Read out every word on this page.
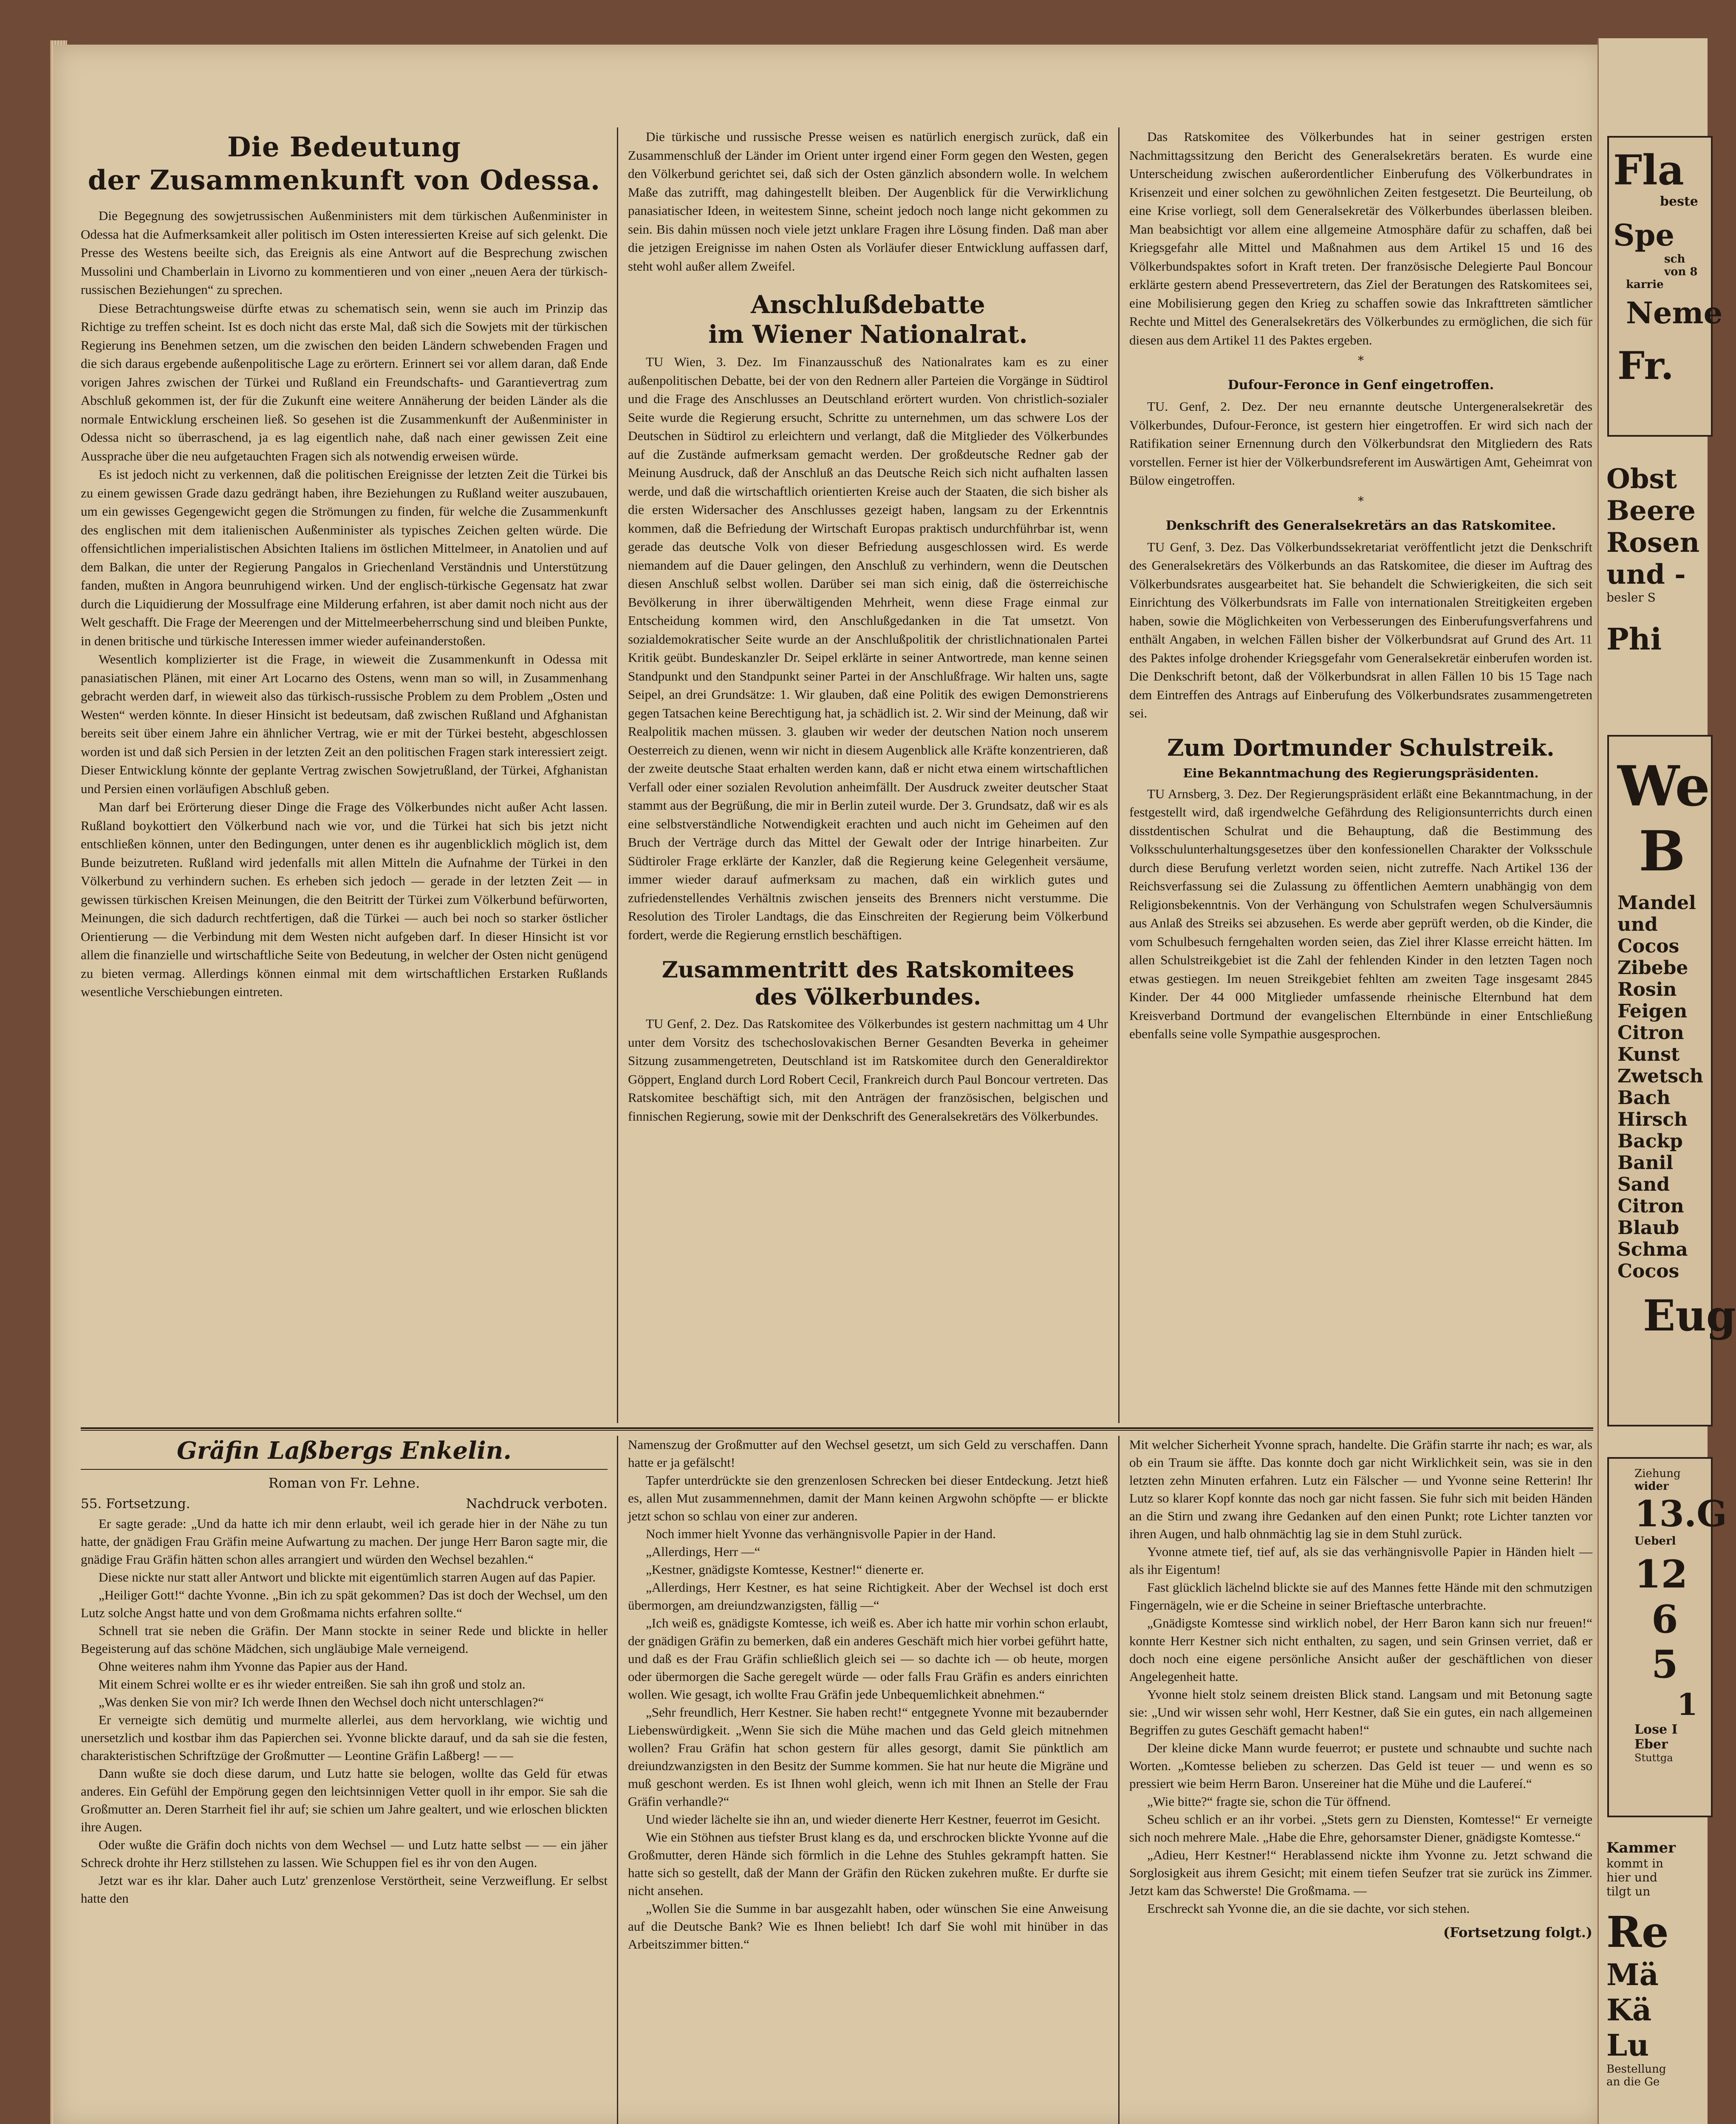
Die Bedeutung
der Zusammenkunft von Odessa.

Die Begegnung des sowjetrussischen Außenministers mit dem türkischen Außenminister in Odessa hat die Aufmerksamkeit aller politisch im Osten interessierten Kreise auf sich gelenkt. Die Presse des Westens beeilte sich, das Ereignis als eine Antwort auf die Besprechung zwischen Mussolini und Chamberlain in Livorno zu kommentieren und von einer „neuen Aera der türkisch-russischen Beziehungen“ zu sprechen.

Diese Betrachtungsweise dürfte etwas zu schematisch sein, wenn sie auch im Prinzip das Richtige zu treffen scheint. Ist es doch nicht das erste Mal, daß sich die Sowjets mit der türkischen Regierung ins Benehmen setzen, um die zwischen den beiden Ländern schwebenden Fragen und die sich daraus ergebende außenpolitische Lage zu erörtern. Erinnert sei vor allem daran, daß Ende vorigen Jahres zwischen der Türkei und Rußland ein Freundschafts- und Garantievertrag zum Abschluß gekommen ist, der für die Zukunft eine weitere Annäherung der beiden Länder als die normale Entwicklung erscheinen ließ. So gesehen ist die Zusammenkunft der Außenminister in Odessa nicht so überraschend, ja es lag eigentlich nahe, daß nach einer gewissen Zeit eine Aussprache über die neu aufgetauchten Fragen sich als notwendig erweisen würde.

Es ist jedoch nicht zu verkennen, daß die politischen Ereignisse der letzten Zeit die Türkei bis zu einem gewissen Grade dazu gedrängt haben, ihre Beziehungen zu Rußland weiter auszubauen, um ein gewisses Gegengewicht gegen die Strömungen zu finden, für welche die Zusammenkunft des englischen mit dem italienischen Außenminister als typisches Zeichen gelten würde. Die offensichtlichen imperialistischen Absichten Italiens im östlichen Mittelmeer, in Anatolien und auf dem Balkan, die unter der Regierung Pangalos in Griechenland Verständnis und Unterstützung fanden, mußten in Angora beunruhigend wirken. Und der englisch-türkische Gegensatz hat zwar durch die Liquidierung der Mossulfrage eine Milderung erfahren, ist aber damit noch nicht aus der Welt geschafft. Die Frage der Meerengen und der Mittelmeerbeherrschung sind und bleiben Punkte, in denen britische und türkische Interessen immer wieder aufeinanderstoßen.

Wesentlich komplizierter ist die Frage, in wieweit die Zusammenkunft in Odessa mit panasiatischen Plänen, mit einer Art Locarno des Ostens, wenn man so will, in Zusammenhang gebracht werden darf, in wieweit also das türkisch-russische Problem zu dem Problem „Osten und Westen“ werden könnte. In dieser Hinsicht ist bedeutsam, daß zwischen Rußland und Afghanistan bereits seit über einem Jahre ein ähnlicher Vertrag, wie er mit der Türkei besteht, abgeschlossen worden ist und daß sich Persien in der letzten Zeit an den politischen Fragen stark interessiert zeigt. Dieser Entwicklung könnte der geplante Vertrag zwischen Sowjetrußland, der Türkei, Afghanistan und Persien einen vorläufigen Abschluß geben.

Man darf bei Erörterung dieser Dinge die Frage des Völkerbundes nicht außer Acht lassen. Rußland boykottiert den Völkerbund nach wie vor, und die Türkei hat sich bis jetzt nicht entschließen können, unter den Bedingungen, unter denen es ihr augenblicklich möglich ist, dem Bunde beizutreten. Rußland wird jedenfalls mit allen Mitteln die Aufnahme der Türkei in den Völkerbund zu verhindern suchen. Es erheben sich jedoch — gerade in der letzten Zeit — in gewissen türkischen Kreisen Meinungen, die den Beitritt der Türkei zum Völkerbund befürworten, Meinungen, die sich dadurch rechtfertigen, daß die Türkei — auch bei noch so starker östlicher Orientierung — die Verbindung mit dem Westen nicht aufgeben darf. In dieser Hinsicht ist vor allem die finanzielle und wirtschaftliche Seite von Bedeutung, in welcher der Osten nicht genügend zu bieten vermag. Allerdings können einmal mit dem wirtschaftlichen Erstarken Rußlands wesentliche Verschiebungen eintreten.

Die türkische und russische Presse weisen es natürlich energisch zurück, daß ein Zusammenschluß der Länder im Orient unter irgend einer Form gegen den Westen, gegen den Völkerbund gerichtet sei, daß sich der Osten gänzlich absondern wolle. In welchem Maße das zutrifft, mag dahingestellt bleiben. Der Augenblick für die Verwirklichung panasiatischer Ideen, in weitestem Sinne, scheint jedoch noch lange nicht gekommen zu sein. Bis dahin müssen noch viele jetzt unklare Fragen ihre Lösung finden. Daß man aber die jetzigen Ereignisse im nahen Osten als Vorläufer dieser Entwicklung auffassen darf, steht wohl außer allem Zweifel.

Anschlußdebatte
im Wiener Nationalrat.

TU Wien, 3. Dez. Im Finanzausschuß des Nationalrates kam es zu einer außenpolitischen Debatte, bei der von den Rednern aller Parteien die Vorgänge in Südtirol und die Frage des Anschlusses an Deutschland erörtert wurden. Von christlich-sozialer Seite wurde die Regierung ersucht, Schritte zu unternehmen, um das schwere Los der Deutschen in Südtirol zu erleichtern und verlangt, daß die Mitglieder des Völkerbundes auf die Zustände aufmerksam gemacht werden. Der großdeutsche Redner gab der Meinung Ausdruck, daß der Anschluß an das Deutsche Reich sich nicht aufhalten lassen werde, und daß die wirtschaftlich orientierten Kreise auch der Staaten, die sich bisher als die ersten Widersacher des Anschlusses gezeigt haben, langsam zu der Erkenntnis kommen, daß die Befriedung der Wirtschaft Europas praktisch undurchführbar ist, wenn gerade das deutsche Volk von dieser Befriedung ausgeschlossen wird. Es werde niemandem auf die Dauer gelingen, den Anschluß zu verhindern, wenn die Deutschen diesen Anschluß selbst wollen. Darüber sei man sich einig, daß die österreichische Bevölkerung in ihrer überwältigenden Mehrheit, wenn diese Frage einmal zur Entscheidung kommen wird, den Anschlußgedanken in die Tat umsetzt. Von sozialdemokratischer Seite wurde an der Anschlußpolitik der christlichnationalen Partei Kritik geübt. Bundeskanzler Dr. Seipel erklärte in seiner Antwortrede, man kenne seinen Standpunkt und den Standpunkt seiner Partei in der Anschlußfrage. Wir halten uns, sagte Seipel, an drei Grundsätze: 1. Wir glauben, daß eine Politik des ewigen Demonstrierens gegen Tatsachen keine Berechtigung hat, ja schädlich ist. 2. Wir sind der Meinung, daß wir Realpolitik machen müssen. 3. glauben wir weder der deutschen Nation noch unserem Oesterreich zu dienen, wenn wir nicht in diesem Augenblick alle Kräfte konzentrieren, daß der zweite deutsche Staat erhalten werden kann, daß er nicht etwa einem wirtschaftlichen Verfall oder einer sozialen Revolution anheimfällt. Der Ausdruck zweiter deutscher Staat stammt aus der Begrüßung, die mir in Berlin zuteil wurde. Der 3. Grundsatz, daß wir es als eine selbstverständliche Notwendigkeit erachten und auch nicht im Geheimen auf den Bruch der Verträge durch das Mittel der Gewalt oder der Intrige hinarbeiten. Zur Südtiroler Frage erklärte der Kanzler, daß die Regierung keine Gelegenheit versäume, immer wieder darauf aufmerksam zu machen, daß ein wirklich gutes und zufriedenstellendes Verhältnis zwischen jenseits des Brenners nicht verstumme. Die Resolution des Tiroler Landtags, die das Einschreiten der Regierung beim Völkerbund fordert, werde die Regierung ernstlich beschäftigen.

Zusammentritt des Ratskomitees
des Völkerbundes.

TU Genf, 2. Dez. Das Ratskomitee des Völkerbundes ist gestern nachmittag um 4 Uhr unter dem Vorsitz des tschechoslovakischen Berner Gesandten Beverka in geheimer Sitzung zusammengetreten, Deutschland ist im Ratskomitee durch den Generaldirektor Göppert, England durch Lord Robert Cecil, Frankreich durch Paul Boncour vertreten. Das Ratskomitee beschäftigt sich, mit den Anträgen der französischen, belgischen und finnischen Regierung, sowie mit der Denkschrift des Generalsekretärs des Völkerbundes.

Das Ratskomitee des Völkerbundes hat in seiner gestrigen ersten Nachmittagssitzung den Bericht des Generalsekretärs beraten. Es wurde eine Unterscheidung zwischen außerordentlicher Einberufung des Völkerbundrates in Krisenzeit und einer solchen zu gewöhnlichen Zeiten festgesetzt. Die Beurteilung, ob eine Krise vorliegt, soll dem Generalsekretär des Völkerbundes überlassen bleiben. Man beabsichtigt vor allem eine allgemeine Atmosphäre dafür zu schaffen, daß bei Kriegsgefahr alle Mittel und Maßnahmen aus dem Artikel 15 und 16 des Völkerbundspaktes sofort in Kraft treten. Der französische Delegierte Paul Boncour erklärte gestern abend Pressevertretern, das Ziel der Beratungen des Ratskomitees sei, eine Mobilisierung gegen den Krieg zu schaffen sowie das Inkrafttreten sämtlicher Rechte und Mittel des Generalsekretärs des Völkerbundes zu ermöglichen, die sich für diesen aus dem Artikel 11 des Paktes ergeben.

*
Dufour-Feronce in Genf eingetroffen.

TU. Genf, 2. Dez. Der neu ernannte deutsche Untergeneralsekretär des Völkerbundes, Dufour-Feronce, ist gestern hier eingetroffen. Er wird sich nach der Ratifikation seiner Ernennung durch den Völkerbundsrat den Mitgliedern des Rats vorstellen. Ferner ist hier der Völkerbundsreferent im Auswärtigen Amt, Geheimrat von Bülow eingetroffen.

*
Denkschrift des Generalsekretärs an das Ratskomitee.

TU Genf, 3. Dez. Das Völkerbundssekretariat veröffentlicht jetzt die Denkschrift des Generalsekretärs des Völkerbunds an das Ratskomitee, die dieser im Auftrag des Völkerbundsrates ausgearbeitet hat. Sie behandelt die Schwierigkeiten, die sich seit Einrichtung des Völkerbundsrats im Falle von internationalen Streitigkeiten ergeben haben, sowie die Möglichkeiten von Verbesserungen des Einberufungsverfahrens und enthält Angaben, in welchen Fällen bisher der Völkerbundsrat auf Grund des Art. 11 des Paktes infolge drohender Kriegsgefahr vom Generalsekretär einberufen worden ist. Die Denkschrift betont, daß der Völkerbundsrat in allen Fällen 10 bis 15 Tage nach dem Eintreffen des Antrags auf Einberufung des Völkerbundsrates zusammengetreten sei.

Zum Dortmunder Schulstreik.
Eine Bekanntmachung des Regierungspräsidenten.

TU Arnsberg, 3. Dez. Der Regierungspräsident erläßt eine Bekanntmachung, in der festgestellt wird, daß irgendwelche Gefährdung des Religionsunterrichts durch einen disstdentischen Schulrat und die Behauptung, daß die Bestimmung des Volksschulunterhaltungsgesetzes über den konfessionellen Charakter der Volksschule durch diese Berufung verletzt worden seien, nicht zutreffe. Nach Artikel 136 der Reichsverfassung sei die Zulassung zu öffentlichen Aemtern unabhängig von dem Religionsbekenntnis. Von der Verhängung von Schulstrafen wegen Schulversäumnis aus Anlaß des Streiks sei abzusehen. Es werde aber geprüft werden, ob die Kinder, die vom Schulbesuch ferngehalten worden seien, das Ziel ihrer Klasse erreicht hätten. Im allen Schulstreikgebiet ist die Zahl der fehlenden Kinder in den letzten Tagen noch etwas gestiegen. Im neuen Streikgebiet fehlten am zweiten Tage insgesamt 2845 Kinder. Der 44 000 Mitglieder umfassende rheinische Elternbund hat dem Kreisverband Dortmund der evangelischen Elternbünde in einer Entschließung ebenfalls seine volle Sympathie ausgesprochen.

Gräfin Laßbergs Enkelin.
Roman von Fr. Lehne.
55. Fortsetzung.	Nachdruck verboten.

Er sagte gerade: „Und da hatte ich mir denn erlaubt, weil ich gerade hier in der Nähe zu tun hatte, der gnädigen Frau Gräfin meine Aufwartung zu machen. Der junge Herr Baron sagte mir, die gnädige Frau Gräfin hätten schon alles arrangiert und würden den Wechsel bezahlen.“

Diese nickte nur statt aller Antwort und blickte mit eigentümlich starren Augen auf das Papier.

„Heiliger Gott!“ dachte Yvonne. „Bin ich zu spät gekommen? Das ist doch der Wechsel, um den Lutz solche Angst hatte und von dem Großmama nichts erfahren sollte.“

Schnell trat sie neben die Gräfin. Der Mann stockte in seiner Rede und blickte in heller Begeisterung auf das schöne Mädchen, sich ungläubige Male verneigend.

Ohne weiteres nahm ihm Yvonne das Papier aus der Hand.

Mit einem Schrei wollte er es ihr wieder entreißen. Sie sah ihn groß und stolz an.

„Was denken Sie von mir? Ich werde Ihnen den Wechsel doch nicht unterschlagen?“

Er verneigte sich demütig und murmelte allerlei, aus dem hervorklang, wie wichtig und unersetzlich und kostbar ihm das Papierchen sei. Yvonne blickte darauf, und da sah sie die festen, charakteristischen Schriftzüge der Großmutter — Leontine Gräfin Laßberg! — —

Dann wußte sie doch diese darum, und Lutz hatte sie belogen, wollte das Geld für etwas anderes. Ein Gefühl der Empörung gegen den leichtsinnigen Vetter quoll in ihr empor. Sie sah die Großmutter an. Deren Starrheit fiel ihr auf; sie schien um Jahre gealtert, und wie erloschen blickten ihre Augen.

Oder wußte die Gräfin doch nichts von dem Wechsel — und Lutz hatte selbst — — ein jäher Schreck drohte ihr Herz stillstehen zu lassen. Wie Schuppen fiel es ihr von den Augen.

Jetzt war es ihr klar. Daher auch Lutz' grenzenlose Verstörtheit, seine Verzweiflung. Er selbst hatte den

Namenszug der Großmutter auf den Wechsel gesetzt, um sich Geld zu verschaffen. Dann hatte er ja gefälscht!

Tapfer unterdrückte sie den grenzenlosen Schrecken bei dieser Entdeckung. Jetzt hieß es, allen Mut zusammennehmen, damit der Mann keinen Argwohn schöpfte — er blickte jetzt schon so schlau von einer zur anderen.

Noch immer hielt Yvonne das verhängnisvolle Papier in der Hand.

„Allerdings, Herr —“

„Kestner, gnädigste Komtesse, Kestner!“ dienerte er.

„Allerdings, Herr Kestner, es hat seine Richtigkeit. Aber der Wechsel ist doch erst übermorgen, am dreiundzwanzigsten, fällig —“

„Ich weiß es, gnädigste Komtesse, ich weiß es. Aber ich hatte mir vorhin schon erlaubt, der gnädigen Gräfin zu bemerken, daß ein anderes Geschäft mich hier vorbei geführt hatte, und daß es der Frau Gräfin schließlich gleich sei — so dachte ich — ob heute, morgen oder übermorgen die Sache geregelt würde — oder falls Frau Gräfin es anders einrichten wollen. Wie gesagt, ich wollte Frau Gräfin jede Unbequemlichkeit abnehmen.“

„Sehr freundlich, Herr Kestner. Sie haben recht!“ entgegnete Yvonne mit bezaubernder Liebenswürdigkeit. „Wenn Sie sich die Mühe machen und das Geld gleich mitnehmen wollen? Frau Gräfin hat schon gestern für alles gesorgt, damit Sie pünktlich am dreiundzwanzigsten in den Besitz der Summe kommen. Sie hat nur heute die Migräne und muß geschont werden. Es ist Ihnen wohl gleich, wenn ich mit Ihnen an Stelle der Frau Gräfin verhandle?“

Und wieder lächelte sie ihn an, und wieder dienerte Herr Kestner, feuerrot im Gesicht.

Wie ein Stöhnen aus tiefster Brust klang es da, und erschrocken blickte Yvonne auf die Großmutter, deren Hände sich förmlich in die Lehne des Stuhles gekrampft hatten. Sie hatte sich so gestellt, daß der Mann der Gräfin den Rücken zukehren mußte. Er durfte sie nicht ansehen.

„Wollen Sie die Summe in bar ausgezahlt haben, oder wünschen Sie eine Anweisung auf die Deutsche Bank? Wie es Ihnen beliebt! Ich darf Sie wohl mit hinüber in das Arbeitszimmer bitten.“

Mit welcher Sicherheit Yvonne sprach, handelte. Die Gräfin starrte ihr nach; es war, als ob ein Traum sie äffte. Das konnte doch gar nicht Wirklichkeit sein, was sie in den letzten zehn Minuten erfahren. Lutz ein Fälscher — und Yvonne seine Retterin! Ihr Lutz so klarer Kopf konnte das noch gar nicht fassen. Sie fuhr sich mit beiden Händen an die Stirn und zwang ihre Gedanken auf den einen Punkt; rote Lichter tanzten vor ihren Augen, und halb ohnmächtig lag sie in dem Stuhl zurück.

Yvonne atmete tief, tief auf, als sie das verhängnisvolle Papier in Händen hielt — als ihr Eigentum!

Fast glücklich lächelnd blickte sie auf des Mannes fette Hände mit den schmutzigen Fingernägeln, wie er die Scheine in seiner Brieftasche unterbrachte.

„Gnädigste Komtesse sind wirklich nobel, der Herr Baron kann sich nur freuen!“ konnte Herr Kestner sich nicht enthalten, zu sagen, und sein Grinsen verriet, daß er doch noch eine eigene persönliche Ansicht außer der geschäftlichen von dieser Angelegenheit hatte.

Yvonne hielt stolz seinem dreisten Blick stand. Langsam und mit Betonung sagte sie: „Und wir wissen sehr wohl, Herr Kestner, daß Sie ein gutes, ein nach allgemeinen Begriffen zu gutes Geschäft gemacht haben!“

Der kleine dicke Mann wurde feuerrot; er pustete und schnaubte und suchte nach Worten. „Komtesse belieben zu scherzen. Das Geld ist teuer — und wenn es so pressiert wie beim Herrn Baron. Unsereiner hat die Mühe und die Laufereí.“

„Wie bitte?“ fragte sie, schon die Tür öffnend.

Scheu schlich er an ihr vorbei. „Stets gern zu Diensten, Komtesse!“ Er verneigte sich noch mehrere Male. „Habe die Ehre, gehorsamster Diener, gnädigste Komtesse.“

„Adieu, Herr Kestner!“ Herablassend nickte ihm Yvonne zu. Jetzt schwand die Sorglosigkeit aus ihrem Gesicht; mit einem tiefen Seufzer trat sie zurück ins Zimmer. Jetzt kam das Schwerste! Die Großmama. —

Erschreckt sah Yvonne die, an die sie dachte, vor sich stehen.

(Fortsetzung folgt.)
Fla
beste
Spe
sch
von 8
karrie
Neme
Fr.
Obst
Beere
Rosen
und -
besler S
Phi
We
B
Mandel
und
Cocos
Zibebe
Rosin
Feigen
Citron
Kunst
Zwetsch
Bach
Hirsch
Backp
Banil
Sand
Citron
Blaub
Schma
Cocos
Eug
Ziehung
wider
13.G
Ueberl
12
6
5
1
Lose I
Eber
Stuttga
Kammer
kommt in
hier und
tilgt un
Re
Mä
Kä
Lu
Bestellung
an die Ge
